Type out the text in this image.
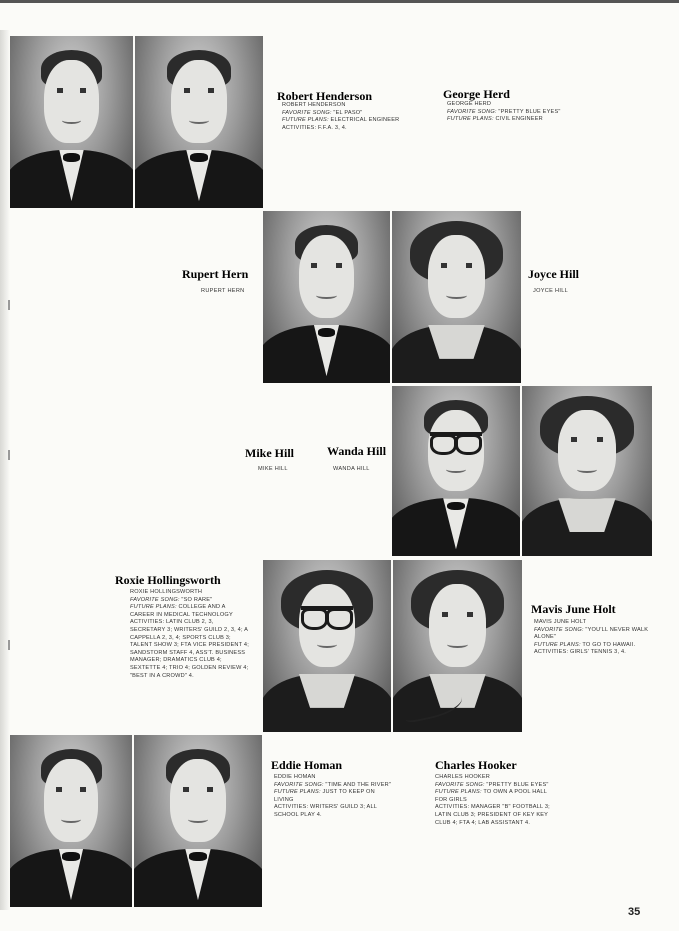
Robert Henderson
ROBERT HENDERSON
FAVORITE SONG: "EL PASO"
FUTURE PLANS: ELECTRICAL ENGINEER
ACTIVITIES: F.F.A. 3, 4.
George Herd
GEORGE HERD
FAVORITE SONG: "PRETTY BLUE EYES"
FUTURE PLANS: CIVIL ENGINEER
Rupert Hern
RUPERT HERN
Joyce Hill
JOYCE HILL
Mike Hill
MIKE HILL
Wanda Hill
WANDA HILL
Roxie Hollingsworth
ROXIE HOLLINGSWORTH
FAVORITE SONG: "SO RARE"
FUTURE PLANS: COLLEGE AND A CAREER IN MEDICAL TECHNOLOGY
ACTIVITIES: LATIN CLUB 2, 3, SECRETARY 3; WRITERS' GUILD 2, 3, 4; A CAPPELLA 2, 3, 4; SPORTS CLUB 3; TALENT SHOW 3; FTA VICE PRESIDENT 4; SANDSTORM STAFF 4, ASS'T. BUSINESS MANAGER; DRAMATICS CLUB 4; SEXTETTE 4; TRIO 4; GOLDEN REVIEW 4; "BEST IN A CROWD" 4.
Mavis June Holt
MAVIS JUNE HOLT
FAVORITE SONG: "YOU'LL NEVER WALK ALONE"
FUTURE PLANS: TO GO TO HAWAII.
ACTIVITIES: GIRLS' TENNIS 3, 4.
Eddie Homan
EDDIE HOMAN
FAVORITE SONG: "TIME AND THE RIVER"
FUTURE PLANS: JUST TO KEEP ON LIVING
ACTIVITIES: WRITERS' GUILD 3; ALL SCHOOL PLAY 4.
Charles Hooker
CHARLES HOOKER
FAVORITE SONG: "PRETTY BLUE EYES"
FUTURE PLANS: TO OWN A POOL HALL FOR GIRLS
ACTIVITIES: MANAGER "B" FOOTBALL 3; LATIN CLUB 3; PRESIDENT OF KEY KEY CLUB 4; FTA 4; LAB ASSISTANT 4.
35
